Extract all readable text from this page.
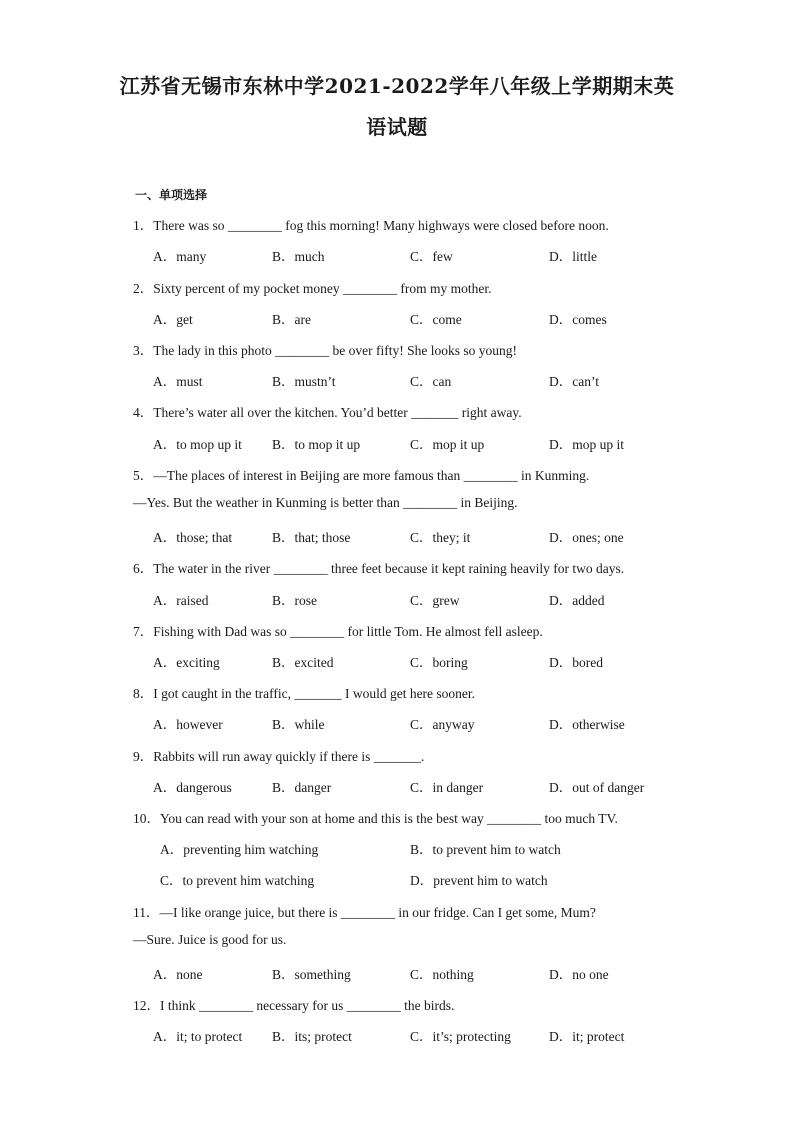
江苏省无锡市东林中学2021-2022学年八年级上学期期末英
语试题
一、单项选择
1．There was so ________ fog this morning! Many highways were closed before noon.
A．many	B．much	C．few	D．little
2．Sixty percent of my pocket money ________ from my mother.
A．get	B．are	C．come	D．comes
3．The lady in this photo ________ be over fifty! She looks so young!
A．must	B．mustn’t	C．can	D．can’t
4．There’s water all over the kitchen. You’d better _______ right away.
A．to mop up it B．to mop it up	C．mop it up	D．mop up it
5．—The places of interest in Beijing are more famous than ________ in Kunming.
—Yes. But the weather in Kunming is better than ________ in Beijing.
A．those; that	B．that; those	C．they; it	D．ones; one
6．The water in the river ________ three feet because it kept raining heavily for two days.
A．raised	B．rose	C．grew	D．added
7．Fishing with Dad was so ________ for little Tom. He almost fell asleep.
A．exciting	B．excited	C．boring	D．bored
8．I got caught in the traffic, _______ I would get here sooner.
A．however	B．while	C．anyway	D．otherwise
9．Rabbits will run away quickly if there is _______.
A．dangerous	B．danger	C．in danger	D．out of danger
10．You can read with your son at home and this is the best way ________ too much TV.
A．preventing him watching	B．to prevent him to watch
C．to prevent him watching	D．prevent him to watch
11．—I like orange juice, but there is ________ in our fridge. Can I get some, Mum?
—Sure. Juice is good for us.
A．none	B．something	C．nothing	D．no one
12．I think ________ necessary for us ________ the birds.
A．it; to protect B．its; protect	C．it’s; protecting	D．it; protect
